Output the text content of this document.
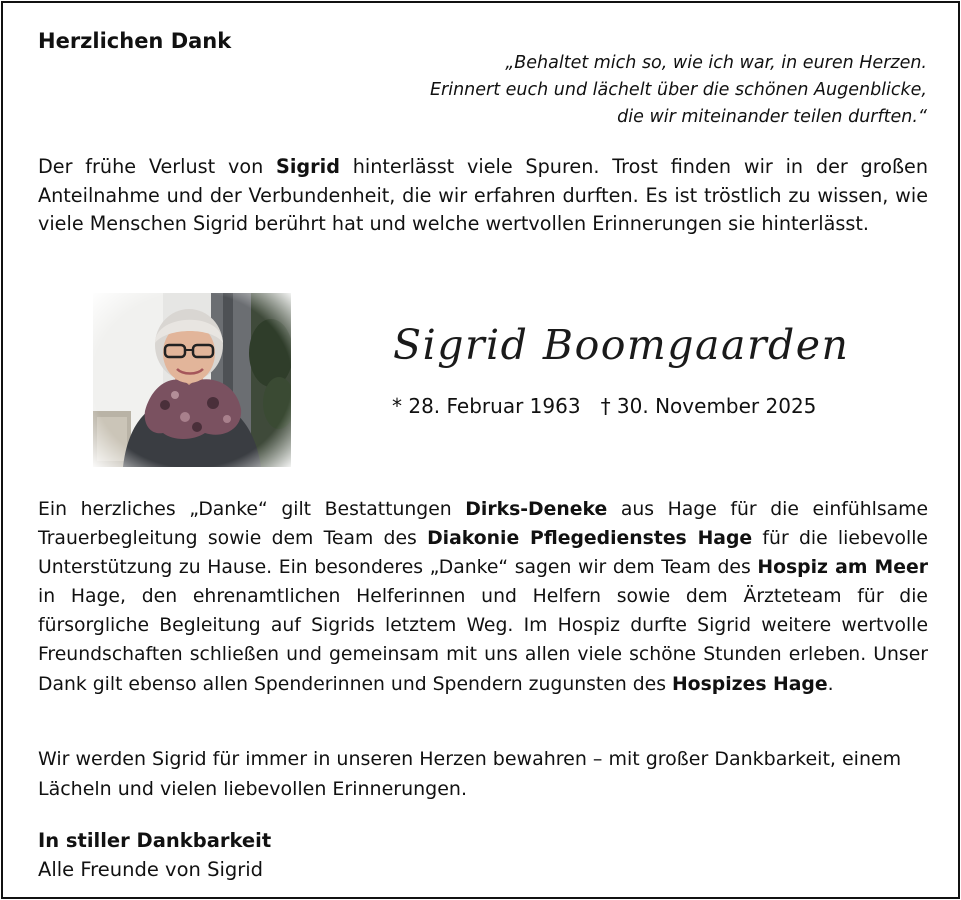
Herzlichen Dank
„Behaltet mich so, wie ich war, in euren Herzen.
Erinnert euch und lächelt über die schönen Augenblicke,
die wir miteinander teilen durften.“

Der frühe Verlust von Sigrid hinterlässt viele Spuren. Trost finden wir in der großen Anteilnahme und der Verbundenheit, die wir erfahren durften. Es ist tröstlich zu wissen, wie viele Menschen Sigrid berührt hat und welche wertvollen Erinnerungen sie hinterlässt.

Sigrid Boomgaarden
* 28. Februar 1963 † 30. November 2025

Ein herzliches „Danke“ gilt Bestattungen Dirks-Deneke aus Hage für die einfühlsame Trauerbegleitung sowie dem Team des Diakonie Pflegedienstes Hage für die liebevolle Unterstützung zu Hause. Ein besonderes „Danke“ sagen wir dem Team des Hospiz am Meer in Hage, den ehrenamtlichen Helferinnen und Helfern sowie dem Ärzteteam für die fürsorgliche Begleitung auf Sigrids letztem Weg. Im Hospiz durfte Sigrid weitere wertvolle Freundschaften schließen und gemeinsam mit uns allen viele schöne Stunden erleben. Unser Dank gilt ebenso allen Spenderinnen und Spendern zugunsten des Hospizes Hage.

Wir werden Sigrid für immer in unseren Herzen bewahren – mit großer Dankbarkeit, einem Lächeln und vielen liebevollen Erinnerungen.

In stiller Dankbarkeit
Alle Freunde von Sigrid
